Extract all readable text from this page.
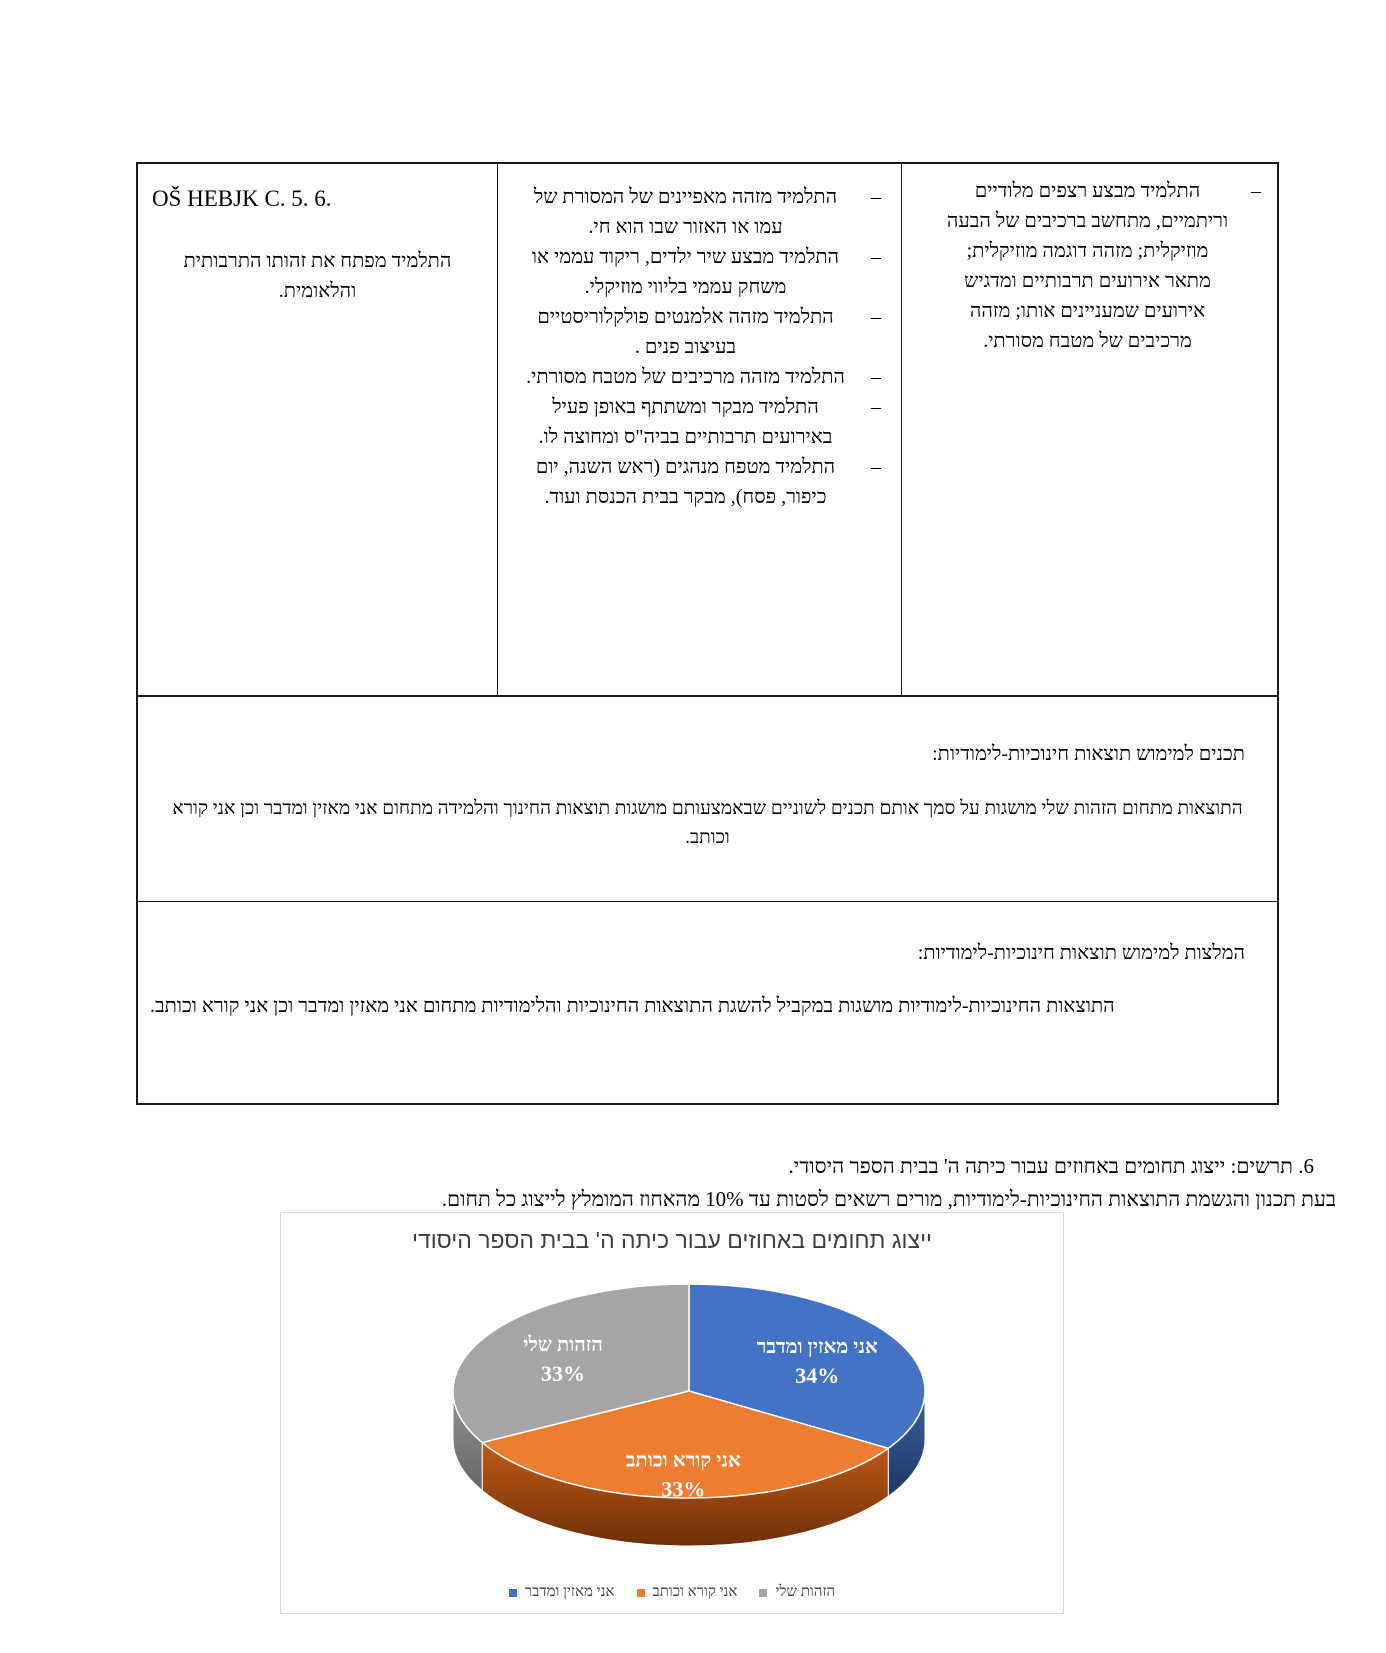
OŠ HEBJK C. 5. 6.
התלמיד מפתח את זהותו התרבותית והלאומית.
–
התלמיד מזהה מאפיינים של המסורת של עמו או האזור שבו הוא חי.
–
התלמיד מבצע שיר ילדים, ריקוד עממי או משחק עממי בליווי מוזיקלי.
–
התלמיד מזהה אלמנטים פולקלוריסטיים בעיצוב פנים .
–
התלמיד מזהה מרכיבים של מטבח מסורתי.
–
התלמיד מבקר ומשתתף באופן פעיל באירועים תרבותיים בביה"ס ומחוצה לו.
–
התלמיד מטפח מנהגים (ראש השנה, יום כיפור, פסח), מבקר בבית הכנסת ועוד.
–
התלמיד מבצע רצפים מלודיים וריתמיים, מתחשב ברכיבים של הבעה מוזיקלית; מזהה דוגמה מוזיקלית; מתאר אירועים תרבותיים ומדגיש אירועים שמעניינים אותו; מזהה מרכיבים של מטבח מסורתי.
תכנים למימוש תוצאות חינוכיות-לימודיות:
התוצאות מתחום הזהות שלי מושגות על סמך אותם תכנים לשוניים שבאמצעותם מושגות תוצאות החינוך והלמידה מתחום אני מאזין ומדבר וכן אני קורא וכותב.
המלצות למימוש תוצאות חינוכיות-לימודיות:
התוצאות החינוכיות-לימודיות מושגות במקביל להשגת התוצאות החינוכיות והלימודיות מתחום אני מאזין ומדבר וכן אני קורא וכותב.
6. תרשים: ייצוג תחומים באחוזים עבור כיתה ה' בבית הספר היסודי.
בעת תכנון והגשמת התוצאות החינוכיות-לימודיות, מורים רשאים לסטות עד 10% מהאחוז המומלץ לייצוג כל תחום.
אני מאזין ומדבר
34%
אני קורא וכותב
33%
הזהות שלי
33%
ייצוג תחומים באחוזים עבור כיתה ה' בבית הספר היסודי
אני מאזין ומדבר	אני קורא וכותב	הזהות שלי
